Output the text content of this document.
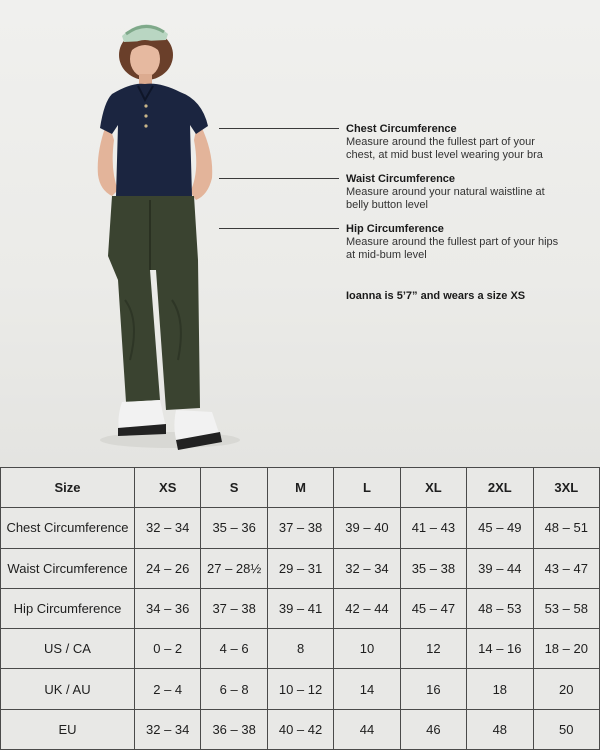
Chest Circumference
Measure around the fullest part of your
chest, at mid bust level wearing your bra
Waist Circumference
Measure around your natural waistline at
belly button level
Hip Circumference
Measure around the fullest part of your hips
at mid-bum level
Ioanna is 5’7” and wears a size XS
Size	XS	S	M	L	XL	2XL	3XL
Chest Circumference	32 – 34	35 – 36	37 – 38	39 – 40	41 – 43	45 – 49	48 – 51
Waist Circumference	24 – 26	27 – 28½	29 – 31	32 – 34	35 – 38	39 – 44	43 – 47
Hip Circumference	34 – 36	37 – 38	39 – 41	42 – 44	45 – 47	48 – 53	53 – 58
US / CA	0 – 2	4 – 6	8	10	12	14 – 16	18 – 20
UK / AU	2 – 4	6 – 8	10 – 12	14	16	18	20
EU	32 – 34	36 – 38	40 – 42	44	46	48	50
